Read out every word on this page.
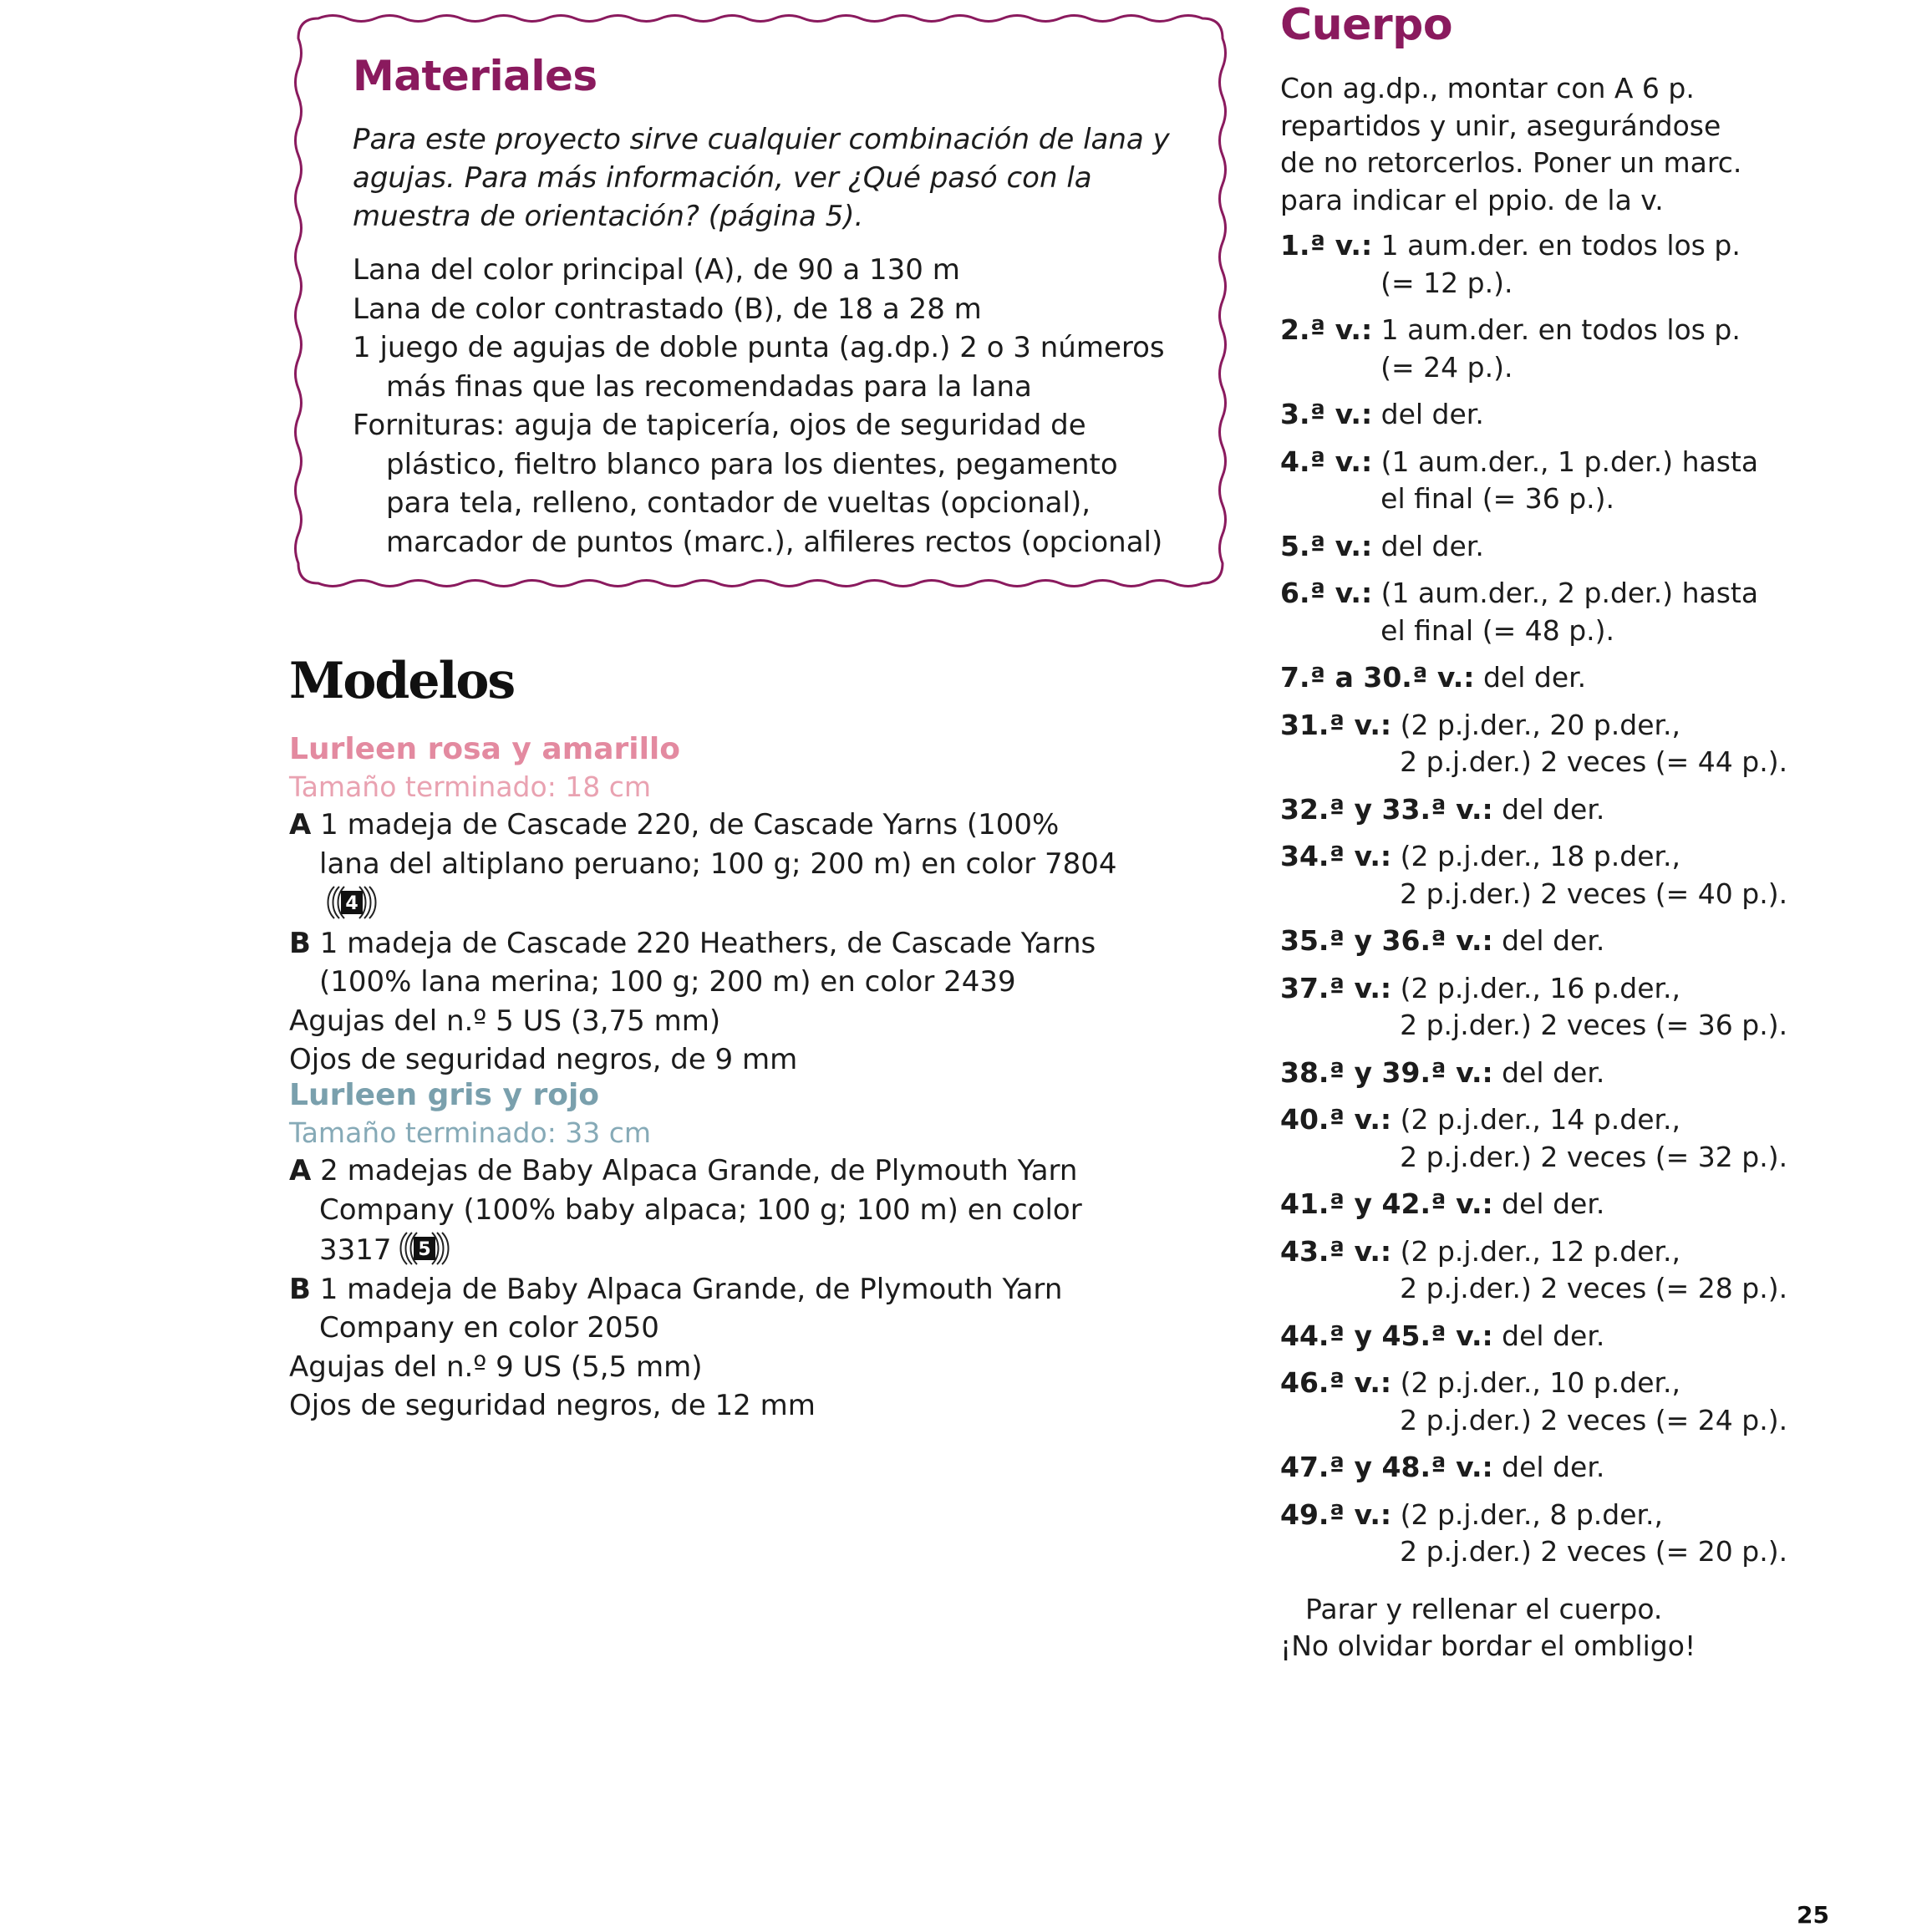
Materiales

Para este proyecto sirve cualquier combinación de lana y agujas. Para más información, ver ¿Qué pasó con la muestra de orientación? (página 5).

Lana del color principal (A), de 90 a 130 m
Lana de color contrastado (B), de 18 a 28 m
1 juego de agujas de doble punta (ag.dp.) 2 o 3 números más finas que las recomendadas para la lana
Fornituras: aguja de tapicería, ojos de seguridad de plástico, fieltro blanco para los dientes, pegamento para tela, relleno, contador de vueltas (opcional), marcador de puntos (marc.), alfileres rectos (opcional)
Modelos
Lurleen rosa y amarillo

Tamaño terminado: 18 cm

A 1 madeja de Cascade 220, de Cascade Yarns (100% lana del altiplano peruano; 100 g; 200 m) en color 7804
4
B 1 madeja de Cascade 220 Heathers, de Cascade Yarns (100% lana merina; 100 g; 200 m) en color 2439
Agujas del n.º 5 US (3,75 mm)
Ojos de seguridad negros, de 9 mm
Lurleen gris y rojo

Tamaño terminado: 33 cm

A 2 madejas de Baby Alpaca Grande, de Plymouth Yarn Company (100% baby alpaca; 100 g; 100 m) en color 3317 5
B 1 madeja de Baby Alpaca Grande, de Plymouth Yarn Company en color 2050
Agujas del n.º 9 US (5,5 mm)
Ojos de seguridad negros, de 12 mm
Cuerpo

Con ag.dp., montar con A 6 p. repartidos y unir, asegurándose de no retorcerlos. Poner un marc. para indicar el ppio. de la v.

1.ª v.: 1 aum.der. en todos los p.
(= 12 p.).
2.ª v.: 1 aum.der. en todos los p.
(= 24 p.).
3.ª v.: del der.
4.ª v.: (1 aum.der., 1 p.der.) hasta
el final (= 36 p.).
5.ª v.: del der.
6.ª v.: (1 aum.der., 2 p.der.) hasta
el final (= 48 p.).
7.ª a 30.ª v.: del der.
31.ª v.: (2 p.j.der., 20 p.der.,
2 p.j.der.) 2 veces (= 44 p.).
32.ª y 33.ª v.: del der.
34.ª v.: (2 p.j.der., 18 p.der.,
2 p.j.der.) 2 veces (= 40 p.).
35.ª y 36.ª v.: del der.
37.ª v.: (2 p.j.der., 16 p.der.,
2 p.j.der.) 2 veces (= 36 p.).
38.ª y 39.ª v.: del der.
40.ª v.: (2 p.j.der., 14 p.der.,
2 p.j.der.) 2 veces (= 32 p.).
41.ª y 42.ª v.: del der.
43.ª v.: (2 p.j.der., 12 p.der.,
2 p.j.der.) 2 veces (= 28 p.).
44.ª y 45.ª v.: del der.
46.ª v.: (2 p.j.der., 10 p.der.,
2 p.j.der.) 2 veces (= 24 p.).
47.ª y 48.ª v.: del der.
49.ª v.: (2 p.j.der., 8 p.der.,
2 p.j.der.) 2 veces (= 20 p.).

Parar y rellenar el cuerpo.

¡No olvidar bordar el ombligo!

25
